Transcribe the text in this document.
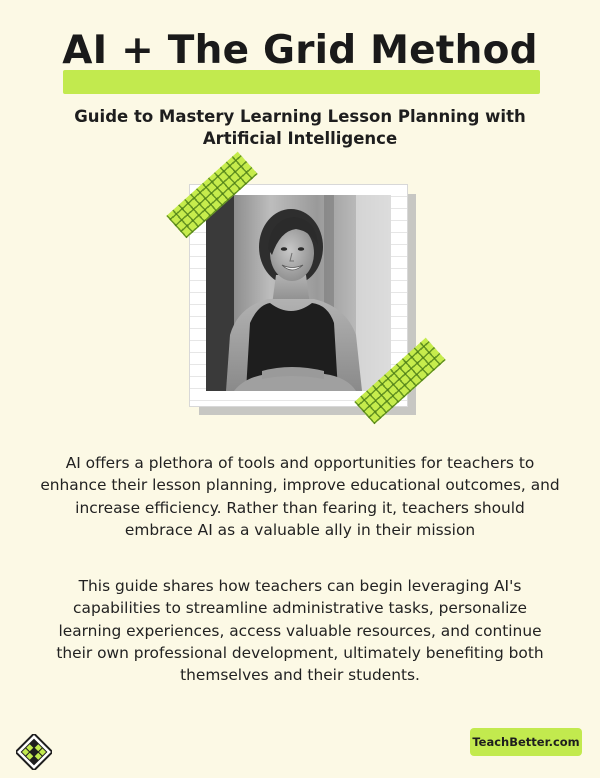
AI + The Grid Method
Guide to Mastery Learning Lesson Planning with Artificial Intelligence
AI offers a plethora of tools and opportunities for teachers to enhance their lesson planning, improve educational outcomes, and increase efficiency. Rather than fearing it, teachers should embrace AI as a valuable ally in their mission
This guide shares how teachers can begin leveraging AI's capabilities to streamline administrative tasks, personalize learning experiences, access valuable resources, and continue their own professional development, ultimately benefiting both themselves and their students.
TeachBetter.com
